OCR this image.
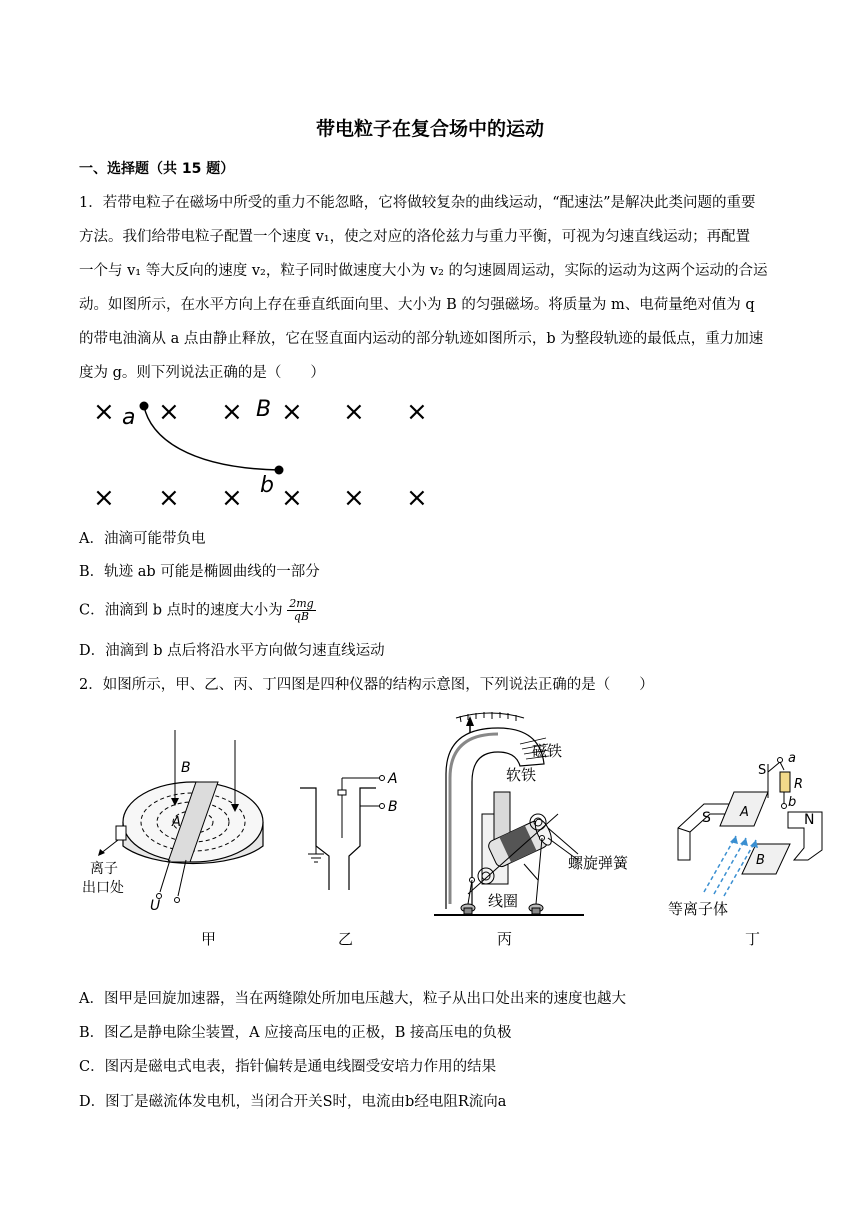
带电粒子在复合场中的运动
一、选择题（共 15 题）
1．若带电粒子在磁场中所受的重力不能忽略，它将做较复杂的曲线运动，“配速法”是解决此类问题的重要
方法。我们给带电粒子配置一个速度 v₁，使之对应的洛伦兹力与重力平衡，可视为匀速直线运动；再配置
一个与 v₁ 等大反向的速度 v₂，粒子同时做速度大小为 v₂ 的匀速圆周运动，实际的运动为这两个运动的合运
动。如图所示，在水平方向上存在垂直纸面向里、大小为 B 的匀强磁场。将质量为 m、电荷量绝对值为 q
的带电油滴从 a 点由静止释放，它在竖直面内运动的部分轨迹如图所示，b 为整段轨迹的最低点，重力加速
度为 g。则下列说法正确的是（　　）
× × × × × ×
× × × × × ×
a	B
b
A．油滴可能带负电
B．轨迹 ab 可能是椭圆曲线的一部分
C．油滴到 b 点时的速度大小为 $\frac{2mg}{qB}$
D．油滴到 b 点后将沿水平方向做匀速直线运动
2．如图所示，甲、乙、丙、丁四图是四种仪器的结构示意图，下列说法正确的是（　　）
B
A
离子
出口处
U
甲
A
B
乙
磁铁
软铁
螺旋弹簧
线圈
丙
S
a
R
b
S	N
A
B
等离子体
丁
A．图甲是回旋加速器，当在两缝隙处所加电压越大，粒子从出口处出来的速度也越大
B．图乙是静电除尘装置，A 应接高压电的正极，B 接高压电的负极
C．图丙是磁电式电表，指针偏转是通电线圈受安培力作用的结果
D．图丁是磁流体发电机，当闭合开关S时，电流由b经电阻R流向a
